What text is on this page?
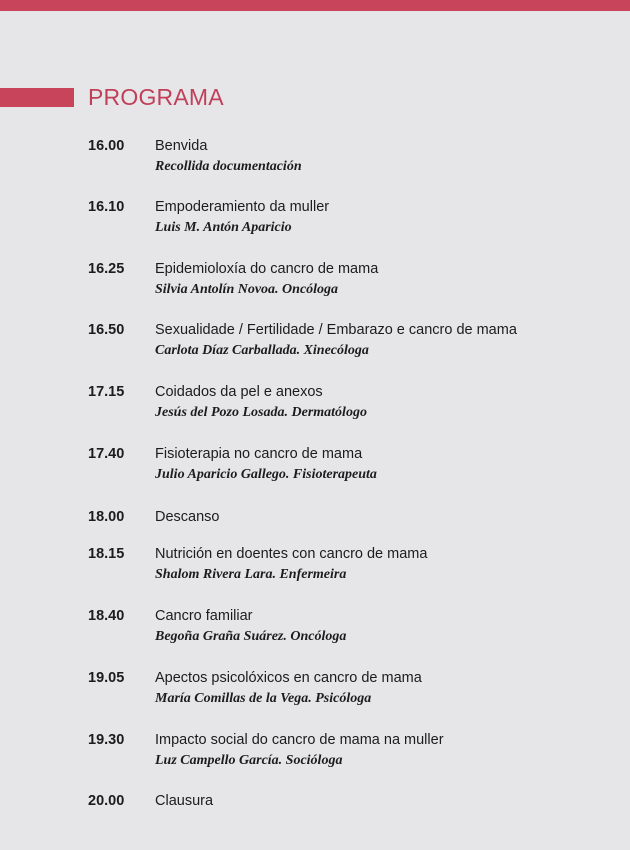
PROGRAMA
16.00 Benvida
Recollida documentación
16.10 Empoderamiento da muller
Luis M. Antón Aparicio
16.25 Epidemioloxía do cancro de mama
Silvia Antolín Novoa. Oncóloga
16.50 Sexualidade / Fertilidade / Embarazo e cancro de mama
Carlota Díaz Carballada. Xinecóloga
17.15 Coidados da pel e anexos
Jesús del Pozo Losada. Dermatólogo
17.40 Fisioterapia no cancro de mama
Julio Aparicio Gallego. Fisioterapeuta
18.00 Descanso
18.15 Nutrición en doentes con cancro de mama
Shalom Rivera Lara. Enfermeira
18.40 Cancro familiar
Begoña Graña Suárez. Oncóloga
19.05 Apectos psicolóxicos en cancro de mama
María Comillas de la Vega. Psicóloga
19.30 Impacto social do cancro de mama na muller
Luz Campello García. Socióloga
20.00 Clausura
